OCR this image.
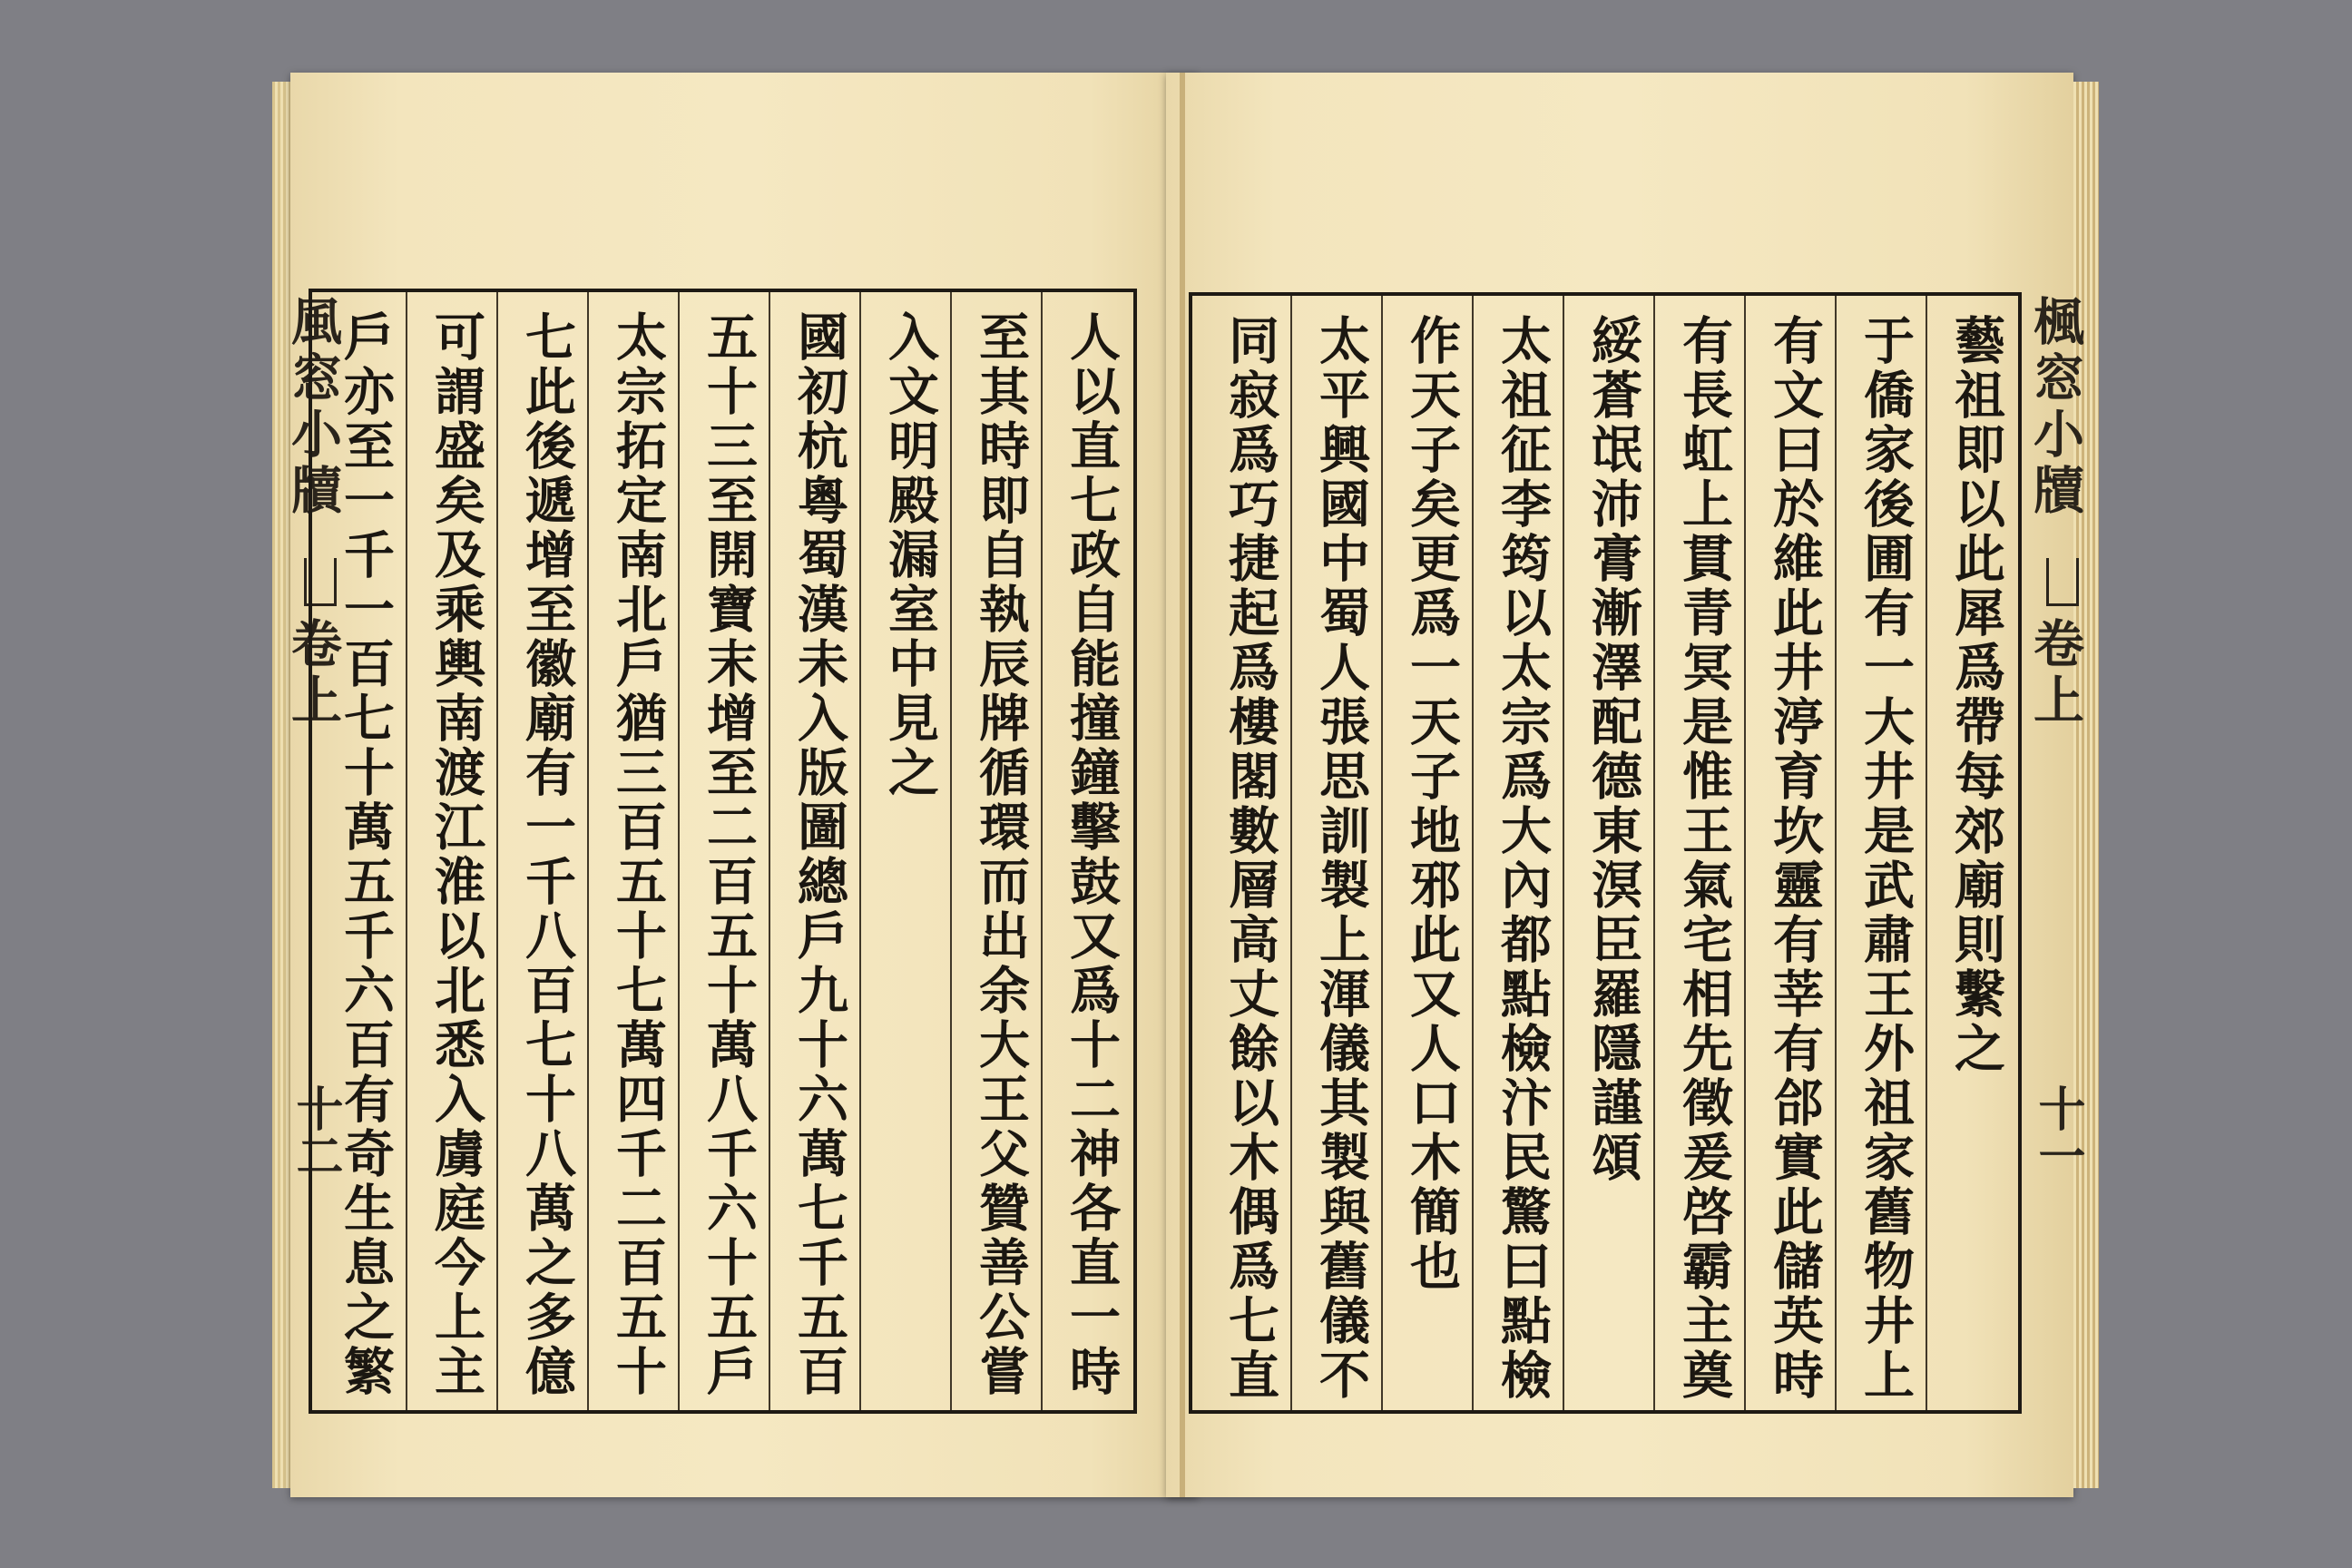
風窓小牘
卷上
十二	人以直七政自能撞鐘擊鼓又爲十二神各直一時
至其時即自執辰牌循環而出余大王父贊善公嘗
入文明殿漏室中見之
國初杭粵蜀漢未入版圖總戶九十六萬七千五百
五十三至開寶末增至二百五十萬八千六十五戶
太宗拓定南北戶猶三百五十七萬四千二百五十
七此後遞增至徽廟有一千八百七十八萬之多億
可謂盛矣及乘輿南渡江淮以北悉入虜庭今上主
戶亦至一千一百七十萬五千六百有奇生息之繁	藝祖即以此犀爲帶每郊廟則繫之
于僑家後圃有一大井是武肅王外祖家舊物井上
有文曰於維此井渟育坎靈有莘有郃實此儲英時
有長虹上貫青冥是惟王氣宅相先徵爰啓霸主奠
綏蒼氓沛膏漸澤配德東溟臣羅隱謹頌
太祖征李筠以太宗爲大內都點檢汴民驚曰點檢
作天子矣更爲一天子地邪此又人口木簡也
太平興國中蜀人張思訓製上渾儀其製與舊儀不
同寂爲巧捷起爲樓閣數層高丈餘以木偶爲七直	楓窓小牘
卷上
十一
